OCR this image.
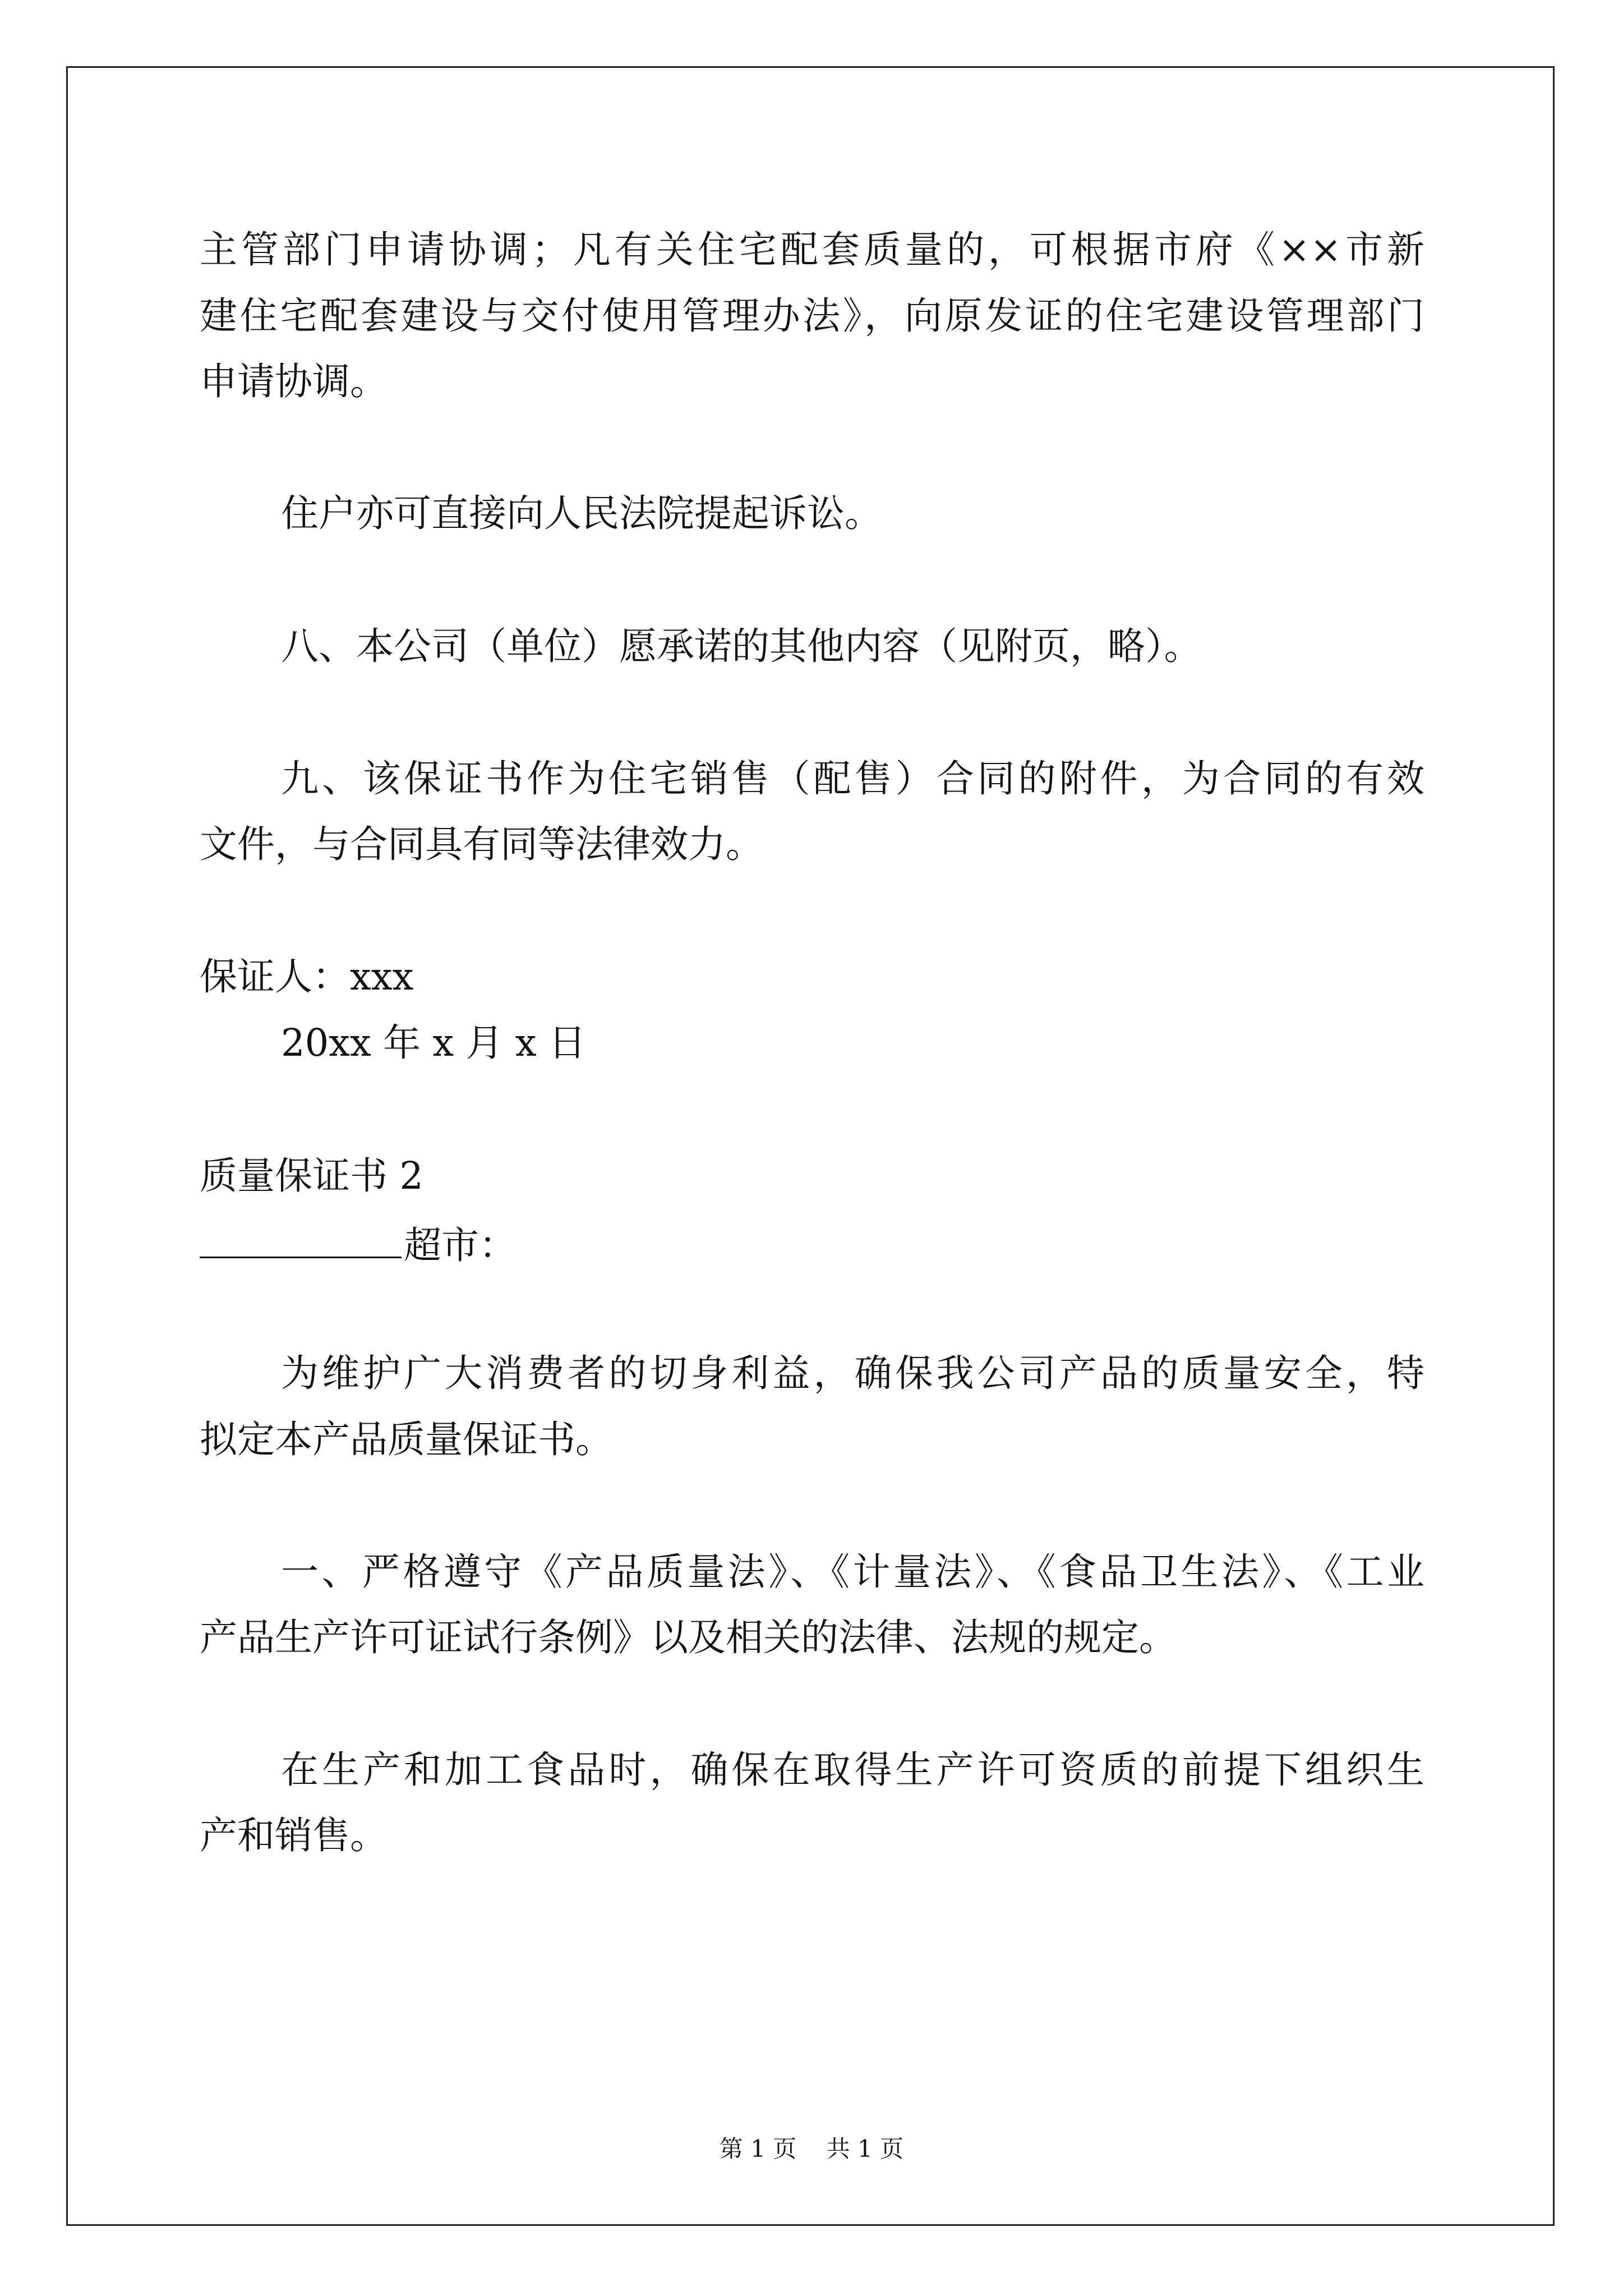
主管部门申请协调；凡有关住宅配套质量的，可根据市府《××市新
建住宅配套建设与交付使用管理办法》，向原发证的住宅建设管理部门
申请协调。
住户亦可直接向人民法院提起诉讼。
八、本公司（单位）愿承诺的其他内容（见附页，略）。
九、该保证书作为住宅销售（配售）合同的附件，为合同的有效
文件，与合同具有同等法律效力。
保证人：xxx
20xx 年 x 月 x 日
质量保证书 2
超市：
为维护广大消费者的切身利益，确保我公司产品的质量安全，特
拟定本产品质量保证书。
一、严格遵守《产品质量法》、《计量法》、《食品卫生法》、《工业
产品生产许可证试行条例》以及相关的法律、法规的规定。
在生产和加工食品时，确保在取得生产许可资质的前提下组织生
产和销售。
第 1 页    共 1 页
